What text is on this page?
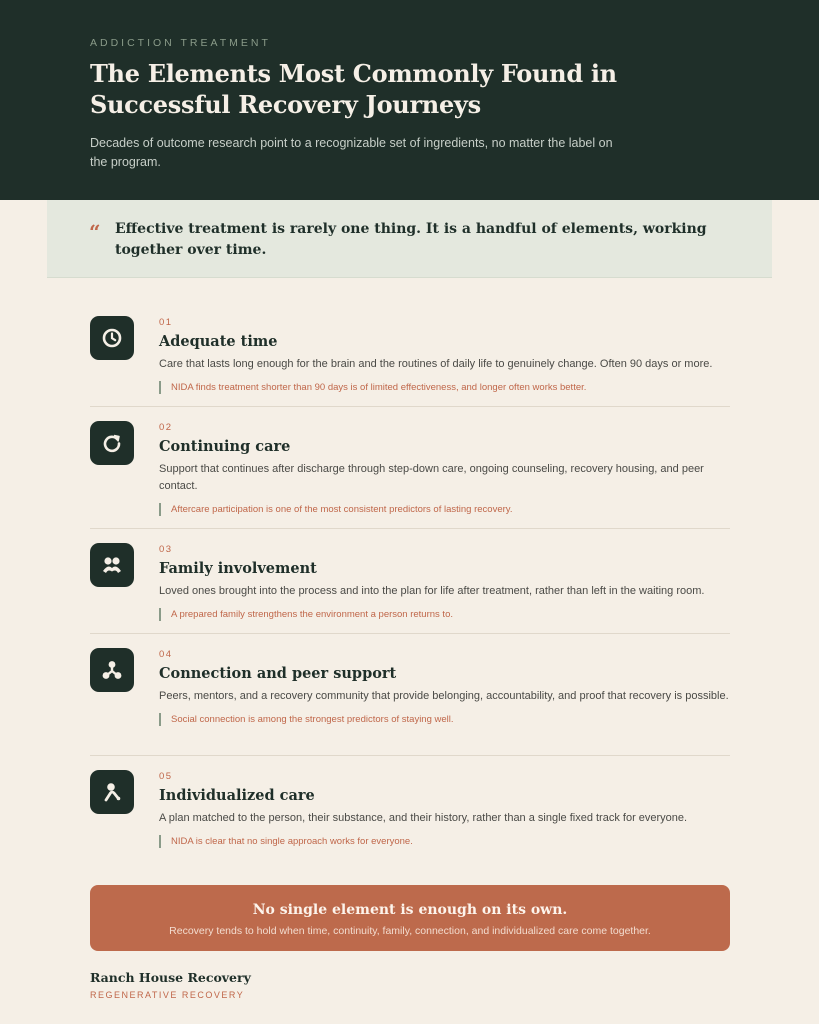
ADDICTION TREATMENT
The Elements Most Commonly Found in Successful Recovery Journeys

Decades of outcome research point to a recognizable set of ingredients, no matter the label on the program.

“ Effective treatment is rarely one thing. It is a handful of elements, working together over time.

01
Adequate time

Care that lasts long enough for the brain and the routines of daily life to genuinely change. Often 90 days or more.

NIDA finds treatment shorter than 90 days is of limited effectiveness, and longer often works better.
02
Continuing care

Support that continues after discharge through step-down care, ongoing counseling, recovery housing, and peer contact.

Aftercare participation is one of the most consistent predictors of lasting recovery.
03
Family involvement

Loved ones brought into the process and into the plan for life after treatment, rather than left in the waiting room.

A prepared family strengthens the environment a person returns to.
04
Connection and peer support

Peers, mentors, and a recovery community that provide belonging, accountability, and proof that recovery is possible.

Social connection is among the strongest predictors of staying well.
05
Individualized care

A plan matched to the person, their substance, and their history, rather than a single fixed track for everyone.

NIDA is clear that no single approach works for everyone.

No single element is enough on its own.

Recovery tends to hold when time, continuity, family, connection, and individualized care come together.

Ranch House Recovery
REGENERATIVE RECOVERY
